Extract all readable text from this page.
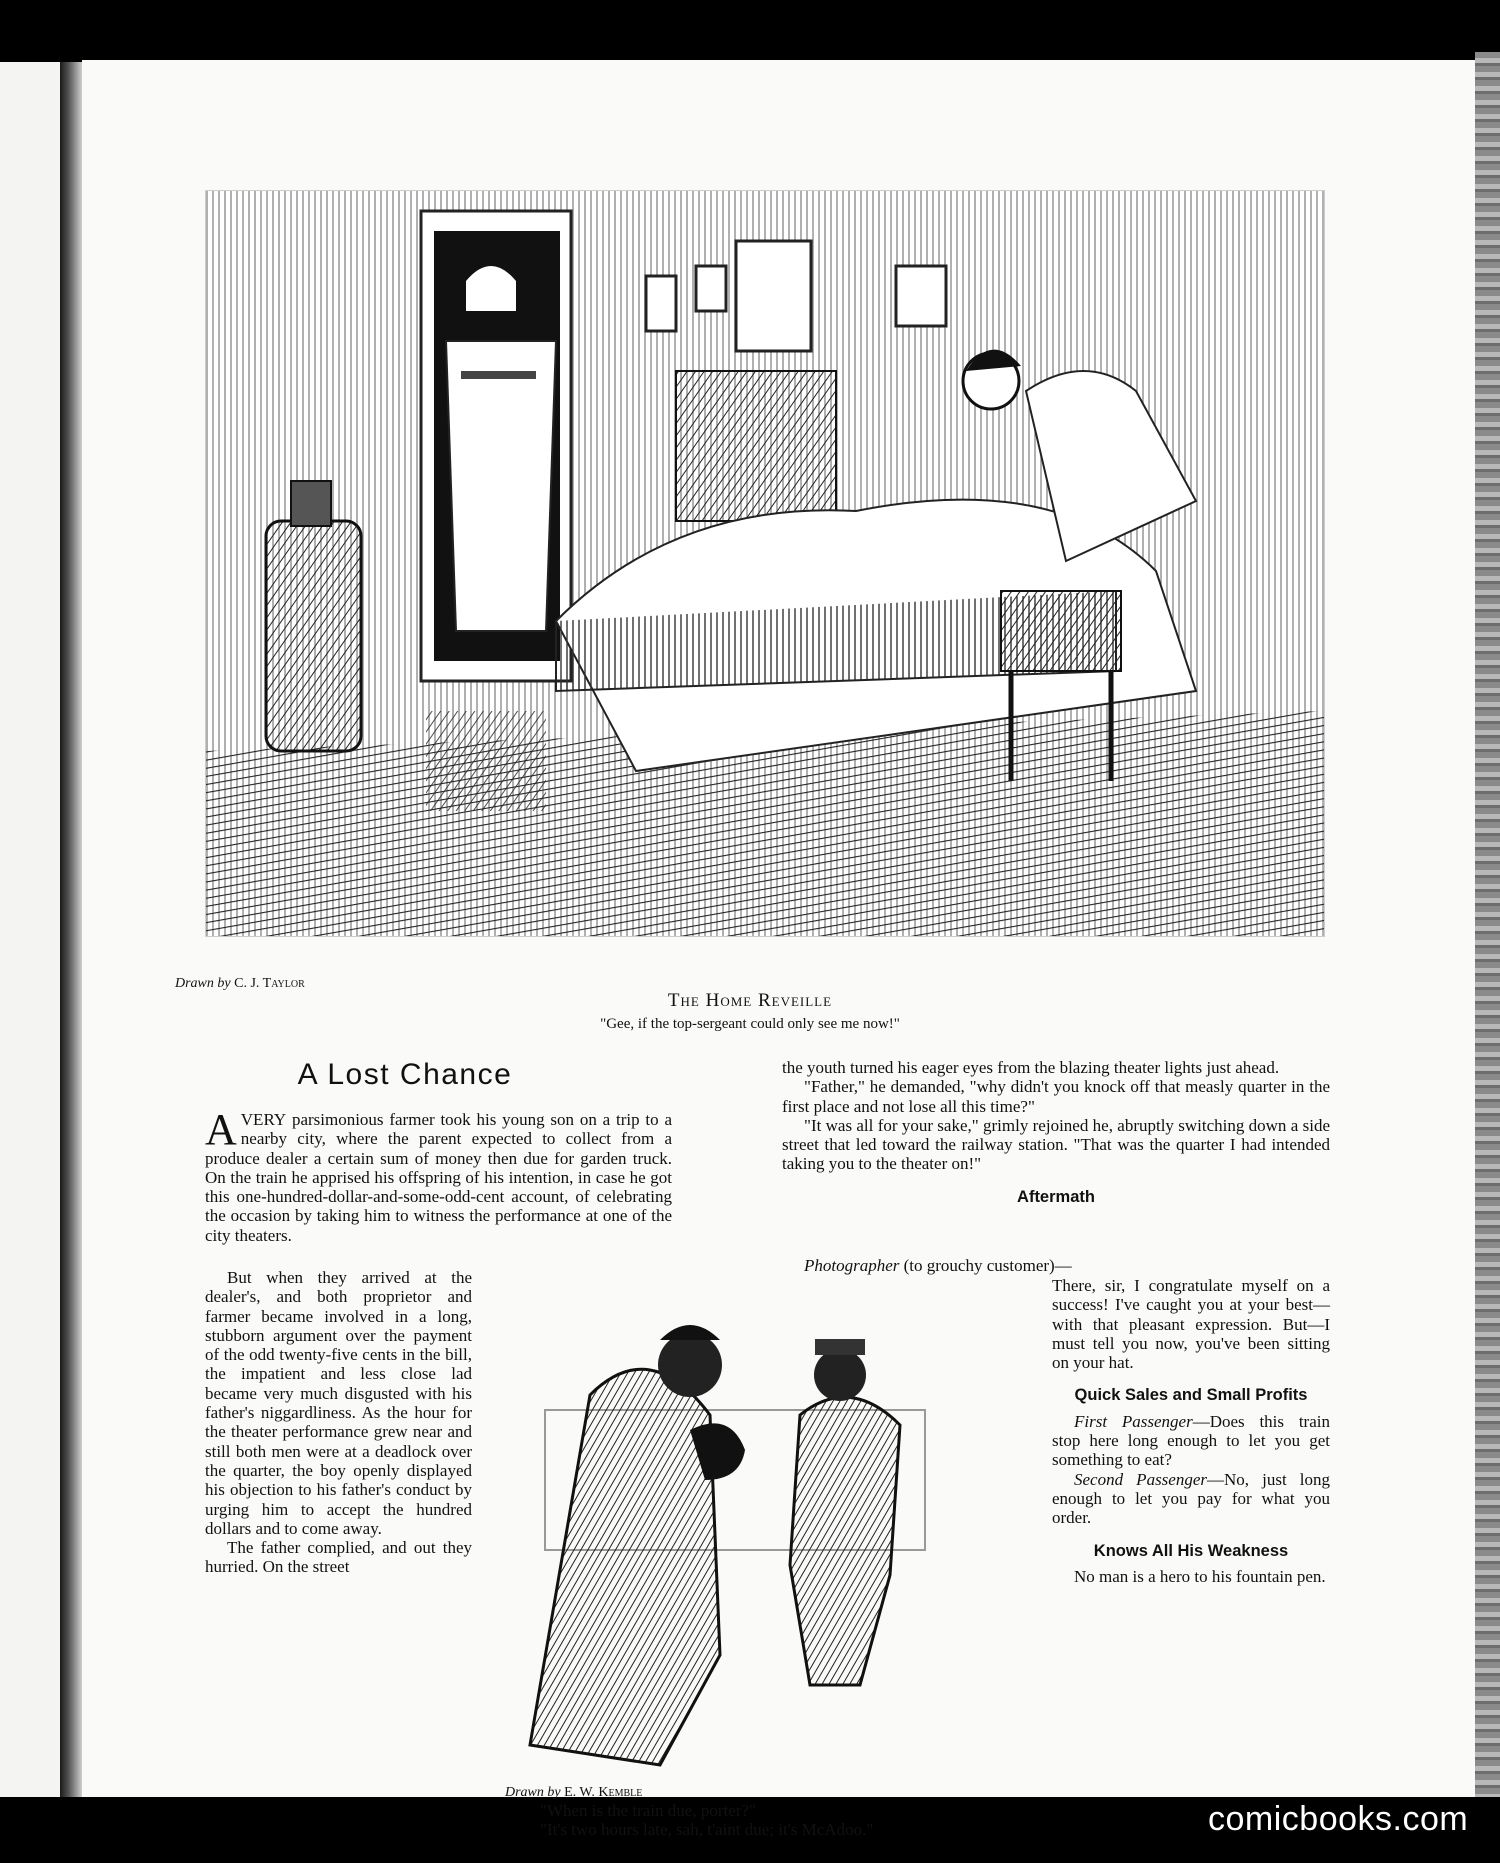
Drawn by C. J. Taylor
The Home Reveille
"Gee, if the top-sergeant could only see me now!"
A Lost Chance

AVERY parsimonious farmer took his young son on a trip to a nearby city, where the parent expected to collect from a produce dealer a certain sum of money then due for garden truck. On the train he apprised his offspring of his intention, in case he got this one-hundred-dollar-and-some-odd-cent account, of celebrating the occasion by taking him to witness the performance at one of the city theaters.

But when they arrived at the dealer's, and both proprietor and farmer became involved in a long, stubborn argument over the payment of the odd twenty-five cents in the bill, the impatient and less close lad became very much disgusted with his father's niggardliness. As the hour for the theater performance grew near and still both men were at a deadlock over the quarter, the boy openly displayed his objection to his father's conduct by urging him to accept the hundred dollars and to come away.

The father complied, and out they hurried. On the street

the youth turned his eager eyes from the blazing theater lights just ahead.

"Father," he demanded, "why didn't you knock off that measly quarter in the first place and not lose all this time?"

"It was all for your sake," grimly rejoined he, abruptly switching down a side street that led toward the railway station. "That was the quarter I had intended taking you to the theater on!"

Aftermath

Photographer (to grouchy customer)—

There, sir, I congratulate myself on a success! I've caught you at your best—with that pleasant expression. But—I must tell you now, you've been sitting on your hat.

Quick Sales and Small Profits

First Passenger—Does this train stop here long enough to let you get something to eat?

Second Passenger—No, just long enough to let you pay for what you order.

Knows All His Weakness

No man is a hero to his fountain pen.

Drawn by E. W. Kemble

"When is the train due, porter?"

"It's two hours late, sah, t'aint due; it's McAdoo."	comicbooks.com
